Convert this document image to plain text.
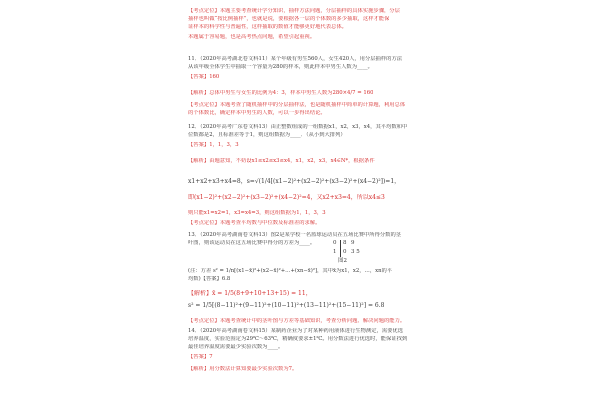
【考点定位】本题主要考查统计学分知识，抽样方法问题，分层抽样的具体实施步骤，分层
抽样也叫做“按比例抽样”，也就是说，要根据各一层的个体数的多少抽取，这样才能保
证样本的科学性与普遍性，这样抽取的数值才能够更好地代表总体。
本题属于容易题，也是高考热点问题，希望引起重视。
11．（2020年高考湖北卷文科11）某个年级有男生560人，女生420人，用分层抽样的方法
从该年级全体学生中抽取一个容量为280的样本，则此样本中男生人数为____。
【答案】160
【解析】总体中男生与女生的比例为4：3，样本中男生人数为280×4/7 = 160
【考点定位】本题考查了随机抽样中的分层抽样法，也是随机抽样中简单的计算题，利用总体
的个体数比，确定样本中男生的人数，可以一步得出结论。
12．（2020年高考广东卷文科13）由正整数组成的一组数据x1，x2，x3，x4，其平均数和中
位数都是2，且标准差等于1，则这组数据为____．（从小到大排列）
【答案】1，1，3，3
【解析】由题意知，不妨设x1≤x2≤x3≤x4，x1，x2，x3，x4∈N*，根据条件
x1+x2+x3+x4=8，s=√(1/4[(x1−2)²+(x2−2)²+(x3−2)²+(x4−2)²])=1，
即(x1−2)²+(x2−2)²+(x3−2)²+(x4−2)²=4，又x2+x3=4，所以x4≤3
则只能x1=x2=1，x3=x4=3，则这组数据为1，1，3，3
【考点定位】本题考查平均数与中位数及标准差的求解。
13．（2020年高考湖南卷文科13）图2是某学校一名篮球运动员在五场比赛中所得分数的茎
叶图，则该运动员在这五场比赛中得分的方差为____。	0 8 9
1 0 3 5
图2
(注：方差 s² = 1/n[(x1−x̄)²+(x2−x̄)²+…+(xn−x̄)²]，其中x̄为x1，x2，…，xn的平
均数)【答案】6.8
【解析】x̄ = 1/5(8+9+10+13+15) = 11，
s² = 1/5[(8−11)²+(9−11)²+(10−11)²+(13−11)²+(15−11)²] = 6.8
【考点定位】本题考查统计中的茎叶图与方差等基础知识，考查分析问题、解决问题的能力。
14．（2020年高考湖南卷文科15）某制药企业为了对某种药用液体进行生物测定，需要优选
培养温度，实验范围定为29℃～63℃，精确度要求±1℃。用分数法进行优选时，能保证找到
最佳培养温度需要最少实验次数为____。
【答案】7
【解析】用分数法计算知要最少实验次数为7。
